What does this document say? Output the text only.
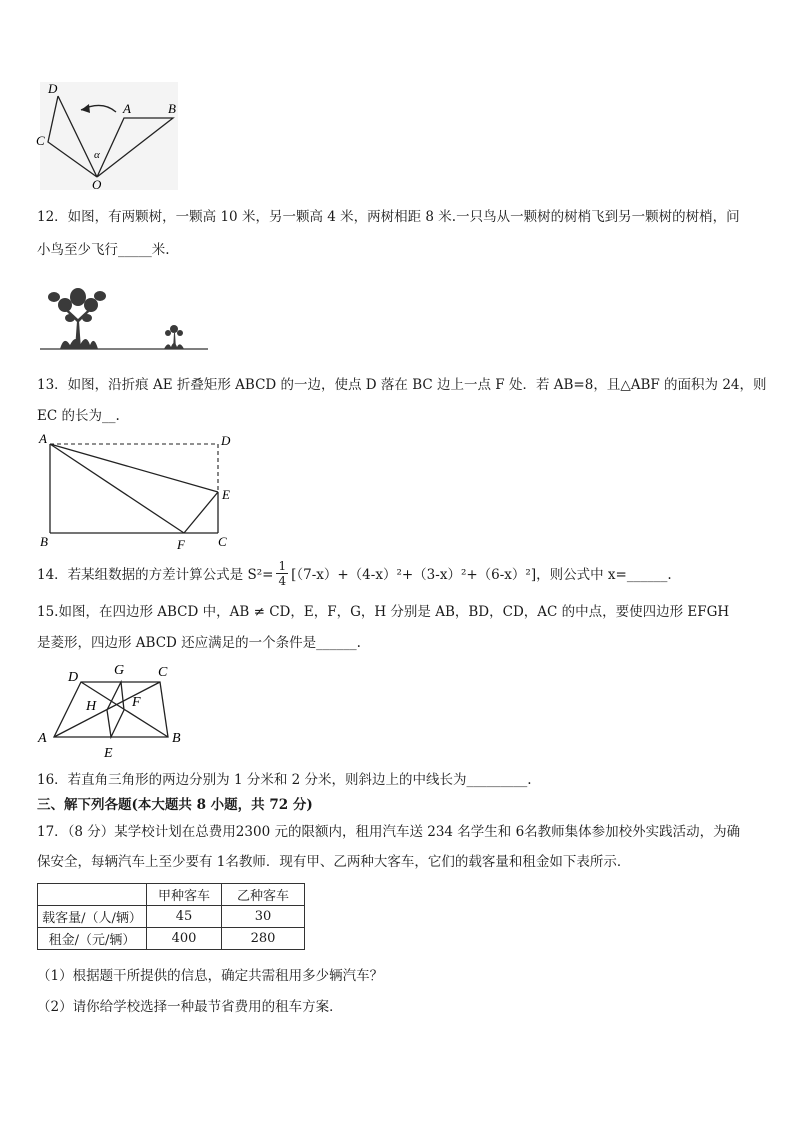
D
C
O
A	B
α
12．如图，有两颗树，一颗高 10 米，另一颗高 4 米，两树相距 8 米.一只鸟从一颗树的树梢飞到另一颗树的树梢，问
小鸟至少飞行_____米.
13．如图，沿折痕 AE 折叠矩形 ABCD 的一边，使点 D 落在 BC 边上一点 F 处．若 AB=8，且△ABF 的面积为 24，则
EC 的长为__.
A	D
E
B	F	C
14．若某组数据的方差计算公式是 $S^2= \frac{1}{4} [(7-x)+(4-x)^2+(3-x)^2+(6-x)^2]$，则公式中 x=______.
15.如图，在四边形 ABCD 中，AB ≠ CD，E，F，G，H 分别是 AB，BD，CD，AC 的中点，要使四边形 EFGH
是菱形，四边形 ABCD 还应满足的一个条件是______.
D	G C
H	F
A	B
E
16．若直角三角形的两边分别为 1 分米和 2 分米，则斜边上的中线长为_________.
三、解下列各题(本大题共 8 小题，共 72 分)
17．（8 分）某学校计划在总费用2300 元的限额内，租用汽车送 234 名学生和 6名教师集体参加校外实践活动，为确
保安全，每辆汽车上至少要有 1名教师．现有甲、乙两种大客车，它们的载客量和租金如下表所示．
	甲种客车	乙种客车
载客量/（人/辆）	45	30
租金/（元/辆）	400	280
（1）根据题干所提供的信息，确定共需租用多少辆汽车？
（2）请你给学校选择一种最节省费用的租车方案．
